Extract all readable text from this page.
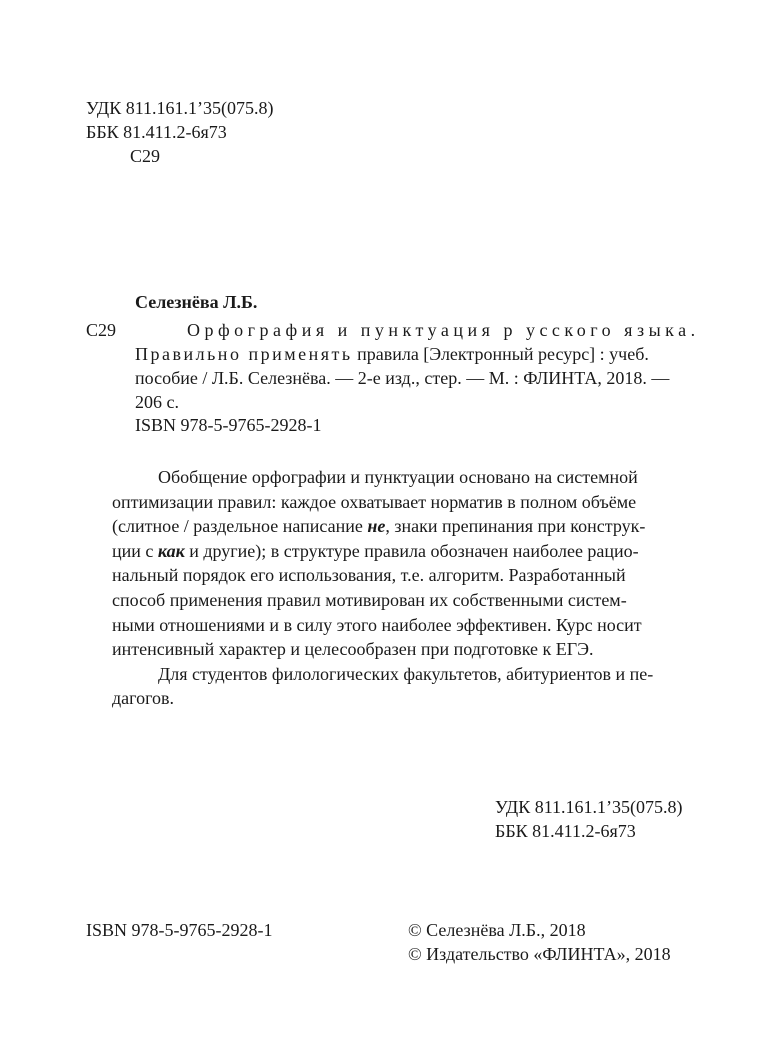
УДК 811.161.1’35(075.8)
ББК 81.411.2-6я73
С29
Селезнёва Л.Б.
С29	Орфография и пунктуация р усского языка.
Правильно применять правила [Электронный ресурс] : учеб.
пособие / Л.Б. Селезнёва. — 2-е изд., стер. — М. : ФЛИНТА, 2018. —
206 с.
ISBN 978-5-9765-2928-1
Обобщение орфографии и пунктуации основано на системной
оптимизации правил: каждое охватывает норматив в полном объёме
(слитное / раздельное написание не, знаки препинания при конструк-
ции с как и другие); в структуре правила обозначен наиболее рацио-
нальный порядок его использования, т.е. алгоритм. Разработанный
способ применения правил мотивирован их собственными систем-
ными отношениями и в силу этого наиболее эффективен. Курс носит
интенсивный характер и целесообразен при подготовке к ЕГЭ.
Для студентов филологических факультетов, абитуриентов и пе-
дагогов.
УДК 811.161.1’35(075.8)
ББК 81.411.2-6я73
ISBN 978-5-9765-2928-1	© Селезнёва Л.Б., 2018
© Издательство «ФЛИНТА», 2018
